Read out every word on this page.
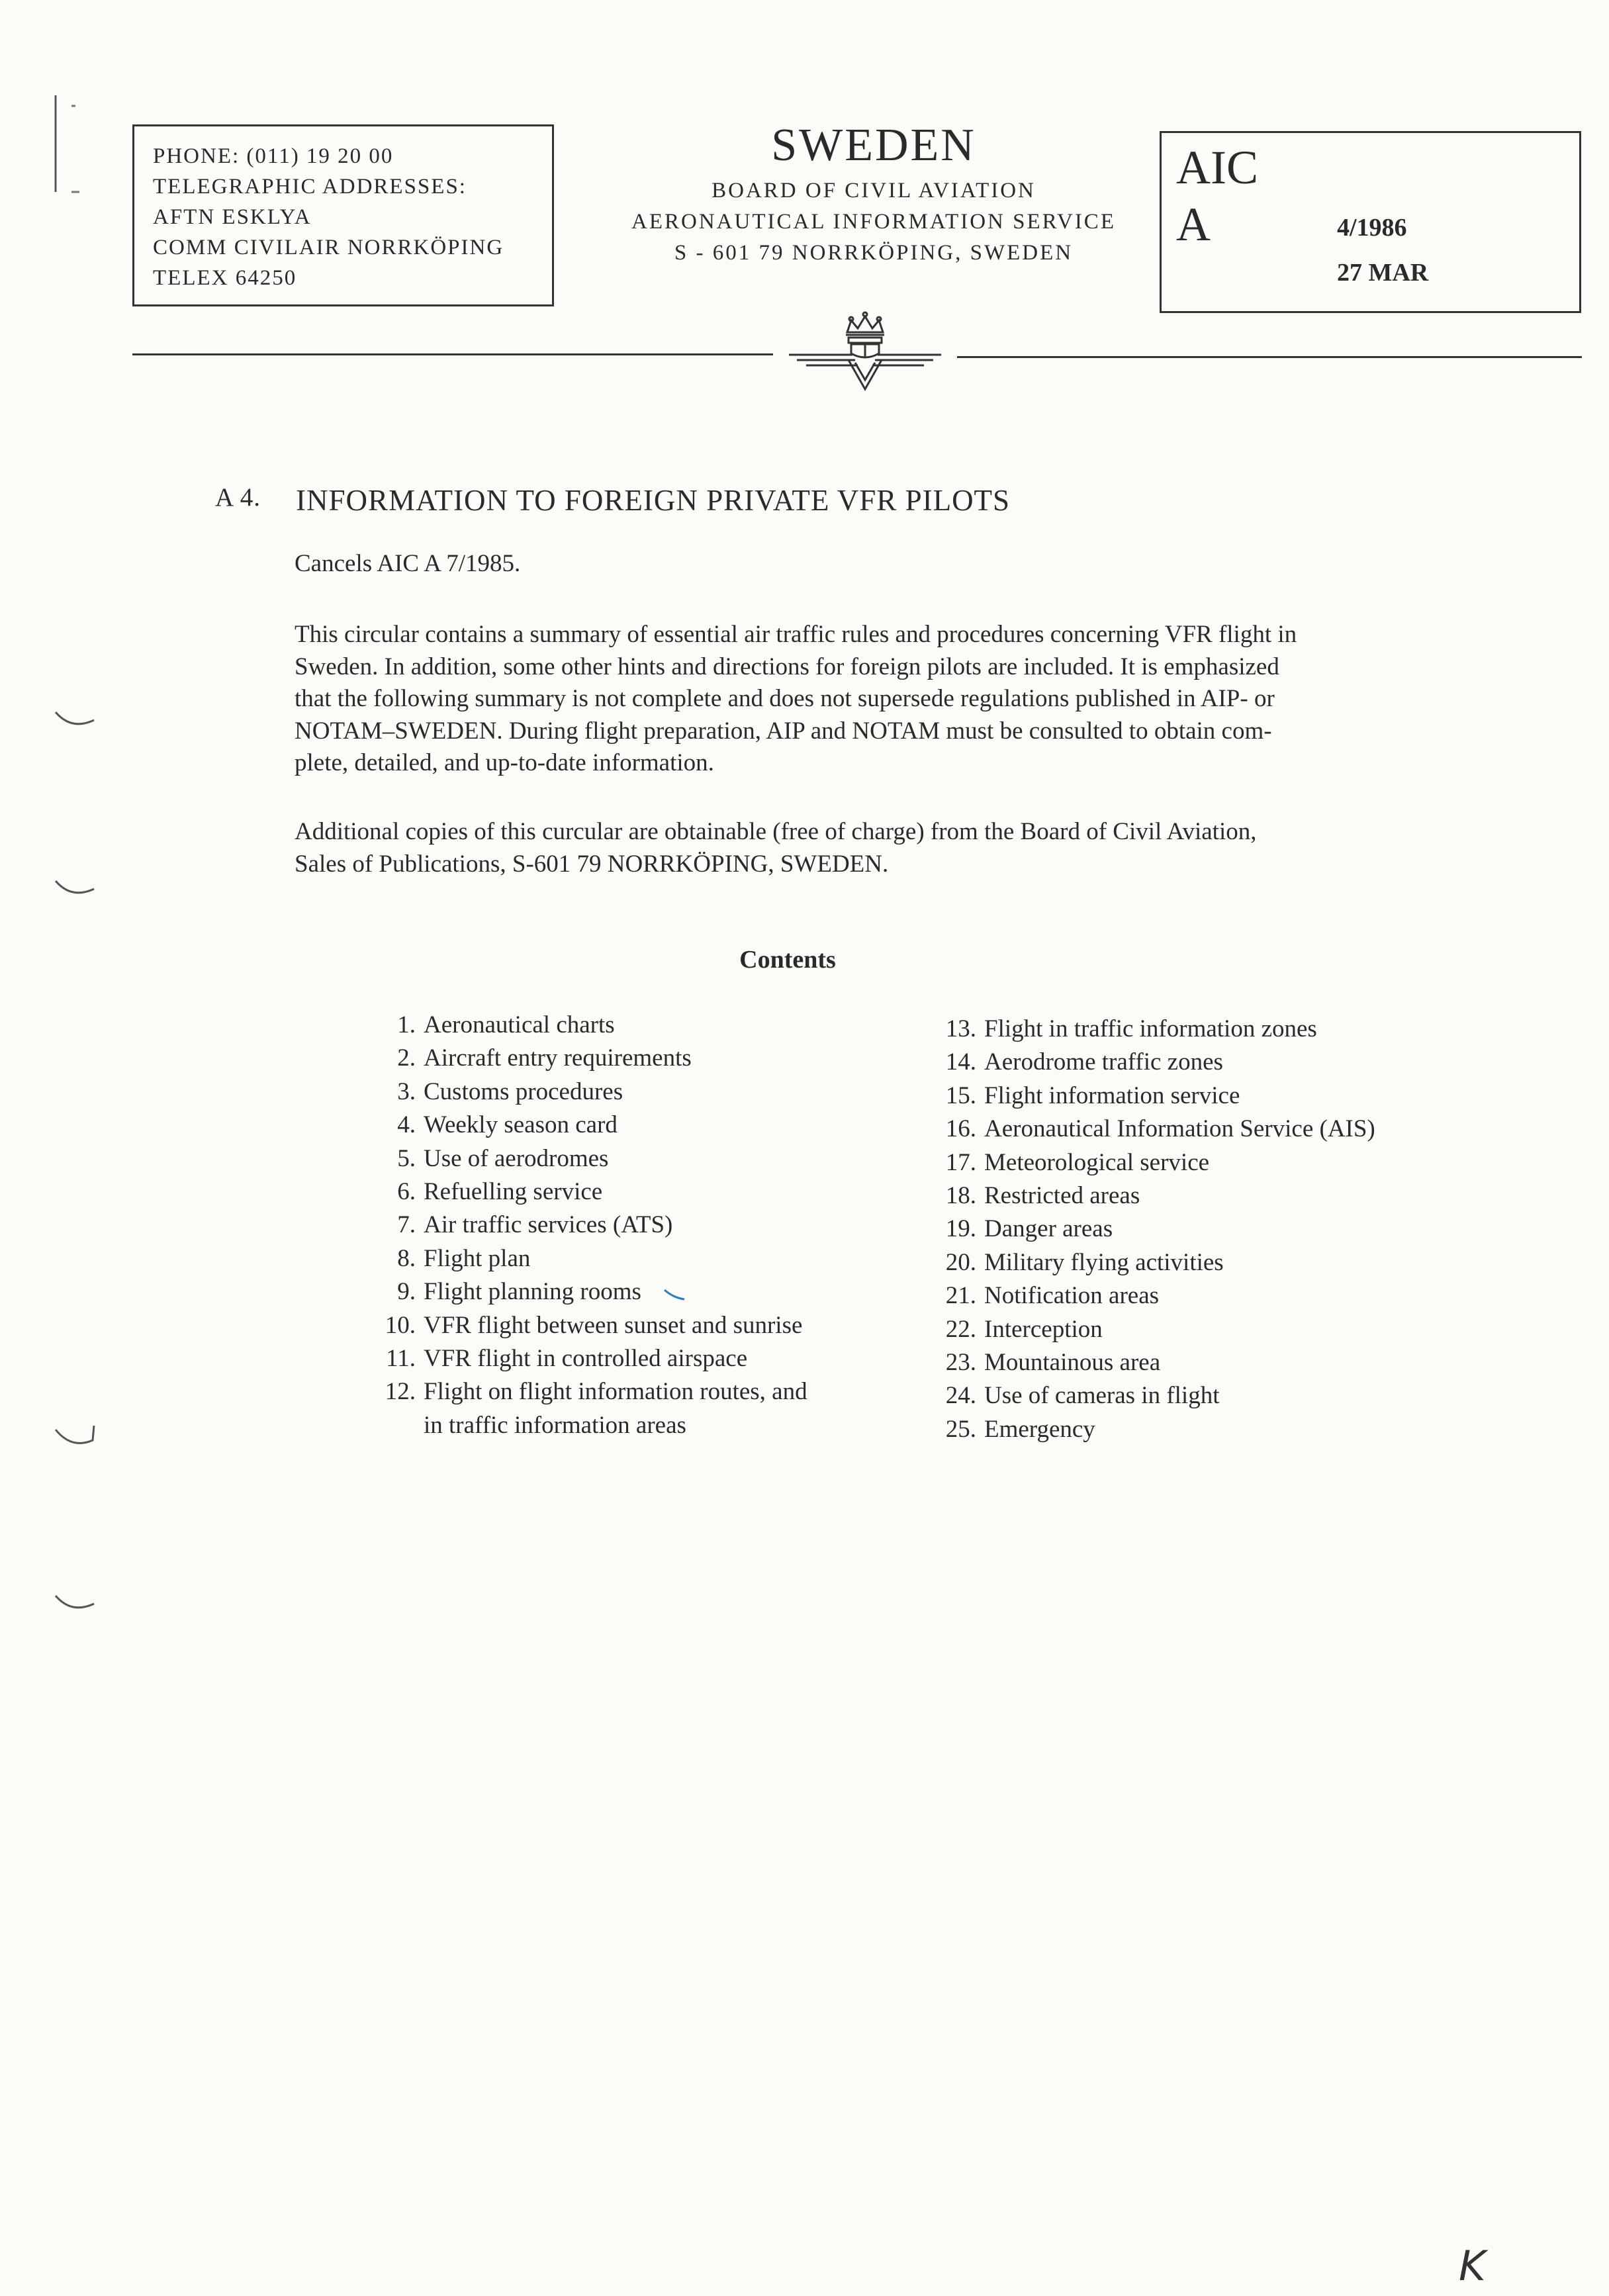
PHONE: (011) 19 20 00
TELEGRAPHIC ADDRESSES:
AFTN ESKLYA
COMM CIVILAIR NORRKÖPING
TELEX 64250
SWEDEN
BOARD OF CIVIL AVIATION
AERONAUTICAL INFORMATION SERVICE
S - 601 79 NORRKÖPING, SWEDEN
AIC
A	4/1986
27 MAR
A 4. INFORMATION TO FOREIGN PRIVATE VFR PILOTS
Cancels AIC A 7/1985.
This circular contains a summary of essential air traffic rules and procedures concerning VFR flight in
Sweden. In addition, some other hints and directions for foreign pilots are included. It is emphasized
that the following summary is not complete and does not supersede regulations published in AIP- or
NOTAM–SWEDEN. During flight preparation, AIP and NOTAM must be consulted to obtain com-
plete, detailed, and up-to-date information.
Additional copies of this curcular are obtainable (free of charge) from the Board of Civil Aviation,
Sales of Publications, S-601 79 NORRKÖPING, SWEDEN.
Contents
1. Aeronautical charts
2. Aircraft entry requirements
3. Customs procedures
4. Weekly season card
5. Use of aerodromes
6. Refuelling service
7. Air traffic services (ATS)
8. Flight plan
9. Flight planning rooms
10. VFR flight between sunset and sunrise
11. VFR flight in controlled airspace
12. Flight on flight information routes, and
in traffic information areas
13. Flight in traffic information zones
14. Aerodrome traffic zones
15. Flight information service
16. Aeronautical Information Service (AIS)
17. Meteorological service
18. Restricted areas
19. Danger areas
20. Military flying activities
21. Notification areas
22. Interception
23. Mountainous area
24. Use of cameras in flight
25. Emergency
K
